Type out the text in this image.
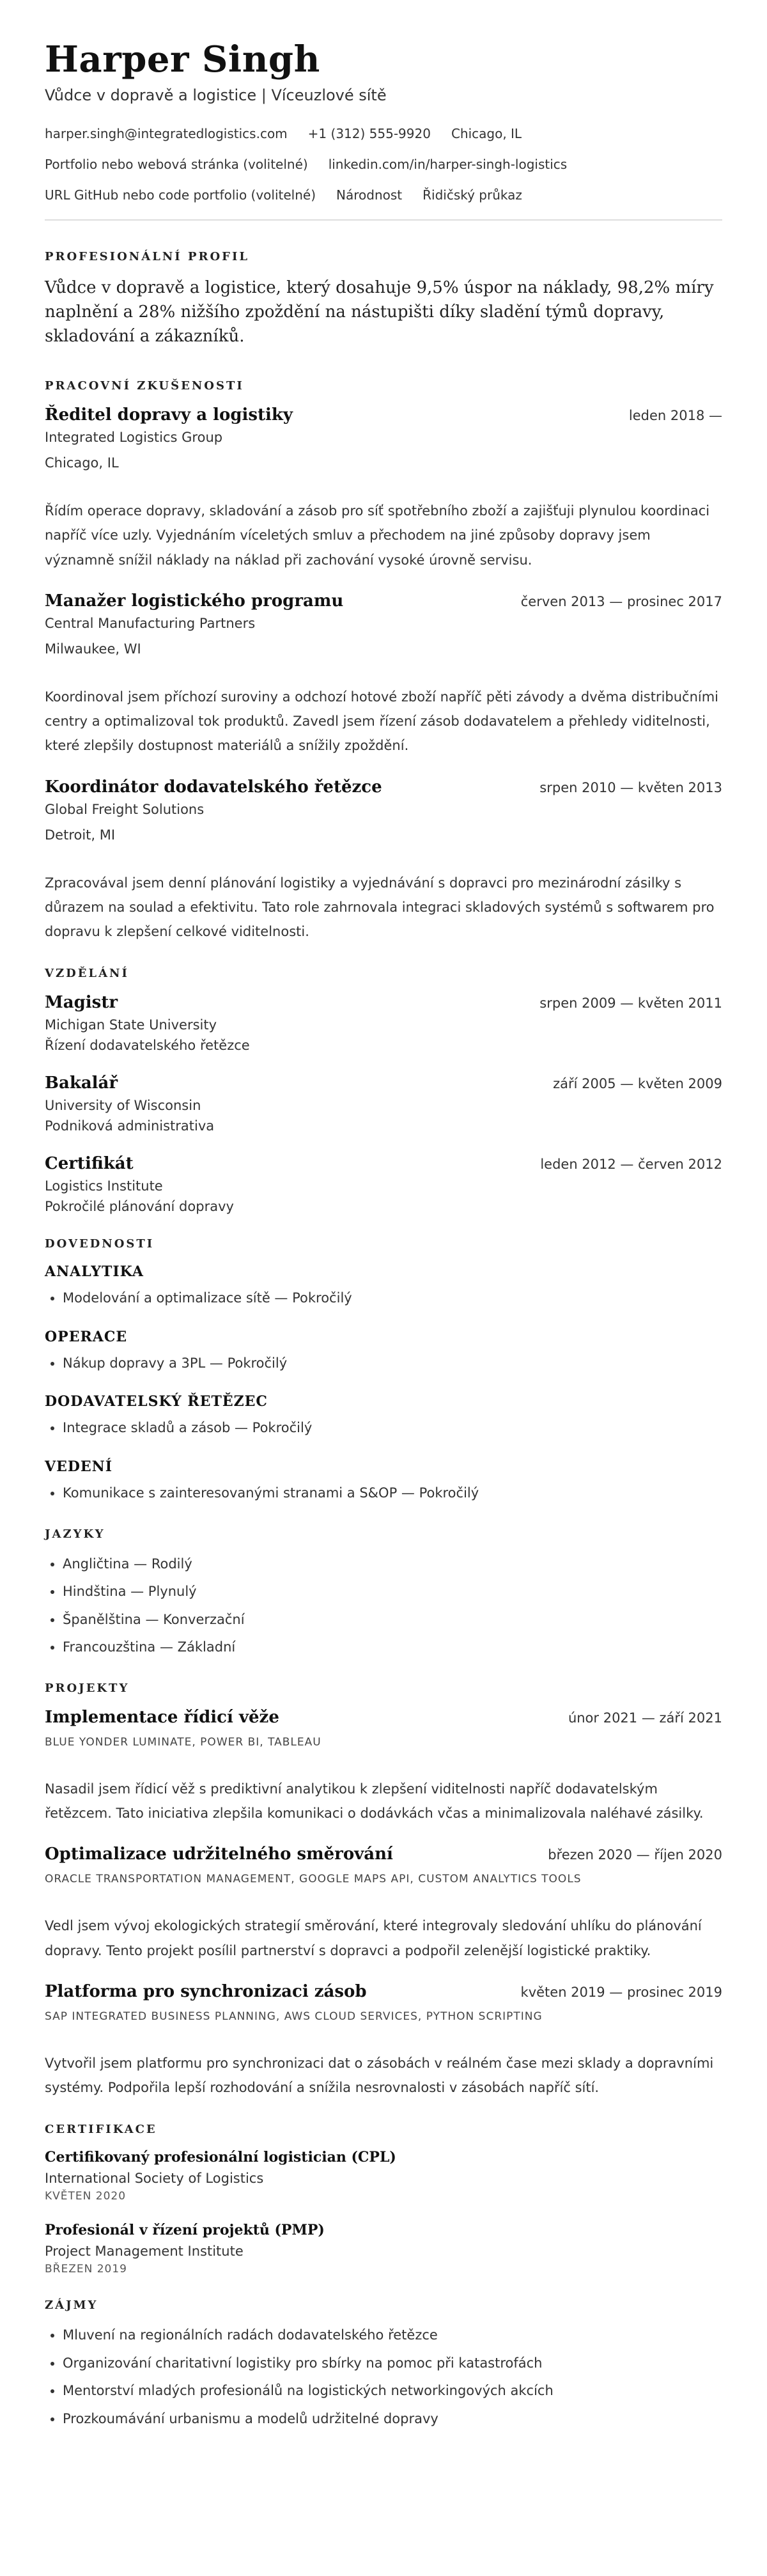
Harper Singh
Vůdce v dopravě a logistice | Víceuzlové sítě
harper.singh@integratedlogistics.com +1 (312) 555-9920 Chicago, IL
Portfolio nebo webová stránka (volitelné) linkedin.com/in/harper-singh-logistics
URL GitHub nebo code portfolio (volitelné) Národnost Řidičský průkaz
PROFESIONÁLNÍ PROFIL
Vůdce v dopravě a logistice, který dosahuje 9,5% úspor na náklady, 98,2% míry naplnění a 28% nižšího zpoždění na nástupišti díky sladění týmů dopravy, skladování a zákazníků.
PRACOVNÍ ZKUŠENOSTI
Ředitel dopravy a logistiky	leden 2018 —
Integrated Logistics Group
Chicago, IL
Řídím operace dopravy, skladování a zásob pro síť spotřebního zboží a zajišťuji plynulou koordinaci napříč více uzly. Vyjednáním víceletých smluv a přechodem na jiné způsoby dopravy jsem významně snížil náklady na náklad při zachování vysoké úrovně servisu.
Manažer logistického programu	červen 2013 — prosinec 2017
Central Manufacturing Partners
Milwaukee, WI
Koordinoval jsem příchozí suroviny a odchozí hotové zboží napříč pěti závody a dvěma distribučními centry a optimalizoval tok produktů. Zavedl jsem řízení zásob dodavatelem a přehledy viditelnosti, které zlepšily dostupnost materiálů a snížily zpoždění.
Koordinátor dodavatelského řetězce	srpen 2010 — květen 2013
Global Freight Solutions
Detroit, MI
Zpracovával jsem denní plánování logistiky a vyjednávání s dopravci pro mezinárodní zásilky s důrazem na soulad a efektivitu. Tato role zahrnovala integraci skladových systémů s softwarem pro dopravu k zlepšení celkové viditelnosti.
VZDĚLÁNÍ
Magistr	srpen 2009 — květen 2011
Michigan State University
Řízení dodavatelského řetězce
Bakalář	září 2005 — květen 2009
University of Wisconsin
Podniková administrativa
Certifikát	leden 2012 — červen 2012
Logistics Institute
Pokročilé plánování dopravy
DOVEDNOSTI
ANALYTIKA
• Modelování a optimalizace sítě — Pokročilý
OPERACE
• Nákup dopravy a 3PL — Pokročilý
DODAVATELSKÝ ŘETĚZEC
• Integrace skladů a zásob — Pokročilý
VEDENÍ
• Komunikace s zainteresovanými stranami a S&OP — Pokročilý
JAZYKY
• Angličtina — Rodilý
• Hindština — Plynulý
• Španělština — Konverzační
• Francouzština — Základní
PROJEKTY
Implementace řídicí věže	únor 2021 — září 2021
BLUE YONDER LUMINATE, POWER BI, TABLEAU
Nasadil jsem řídicí věž s prediktivní analytikou k zlepšení viditelnosti napříč dodavatelským řetězcem. Tato iniciativa zlepšila komunikaci o dodávkách včas a minimalizovala naléhavé zásilky.
Optimalizace udržitelného směrování	březen 2020 — říjen 2020
ORACLE TRANSPORTATION MANAGEMENT, GOOGLE MAPS API, CUSTOM ANALYTICS TOOLS
Vedl jsem vývoj ekologických strategií směrování, které integrovaly sledování uhlíku do plánování dopravy. Tento projekt posílil partnerství s dopravci a podpořil zelenější logistické praktiky.
Platforma pro synchronizaci zásob	květen 2019 — prosinec 2019
SAP INTEGRATED BUSINESS PLANNING, AWS CLOUD SERVICES, PYTHON SCRIPTING
Vytvořil jsem platformu pro synchronizaci dat o zásobách v reálném čase mezi sklady a dopravními systémy. Podpořila lepší rozhodování a snížila nesrovnalosti v zásobách napříč sítí.
CERTIFIKACE
Certifikovaný profesionální logistician (CPL)
International Society of Logistics
KVĚTEN 2020
Profesionál v řízení projektů (PMP)
Project Management Institute
BŘEZEN 2019
ZÁJMY
• Mluvení na regionálních radách dodavatelského řetězce
• Organizování charitativní logistiky pro sbírky na pomoc při katastrofách
• Mentorství mladých profesionálů na logistických networkingových akcích
• Prozkoumávání urbanismu a modelů udržitelné dopravy
